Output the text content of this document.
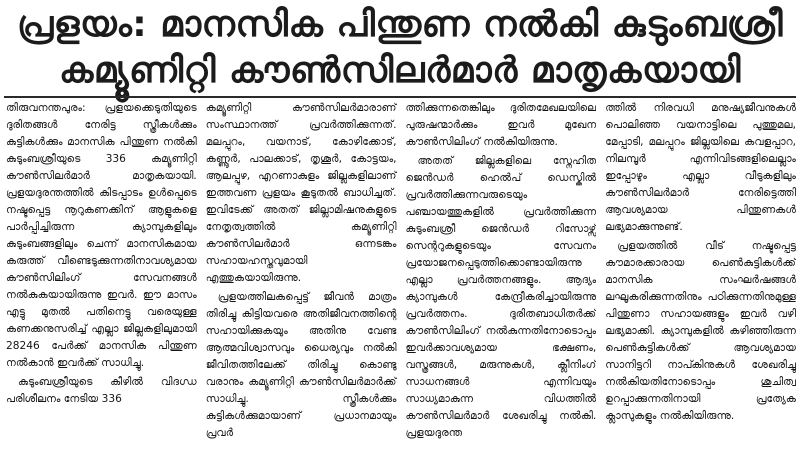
പ്രളയം: മാനസിക പിന്തുണ നൽകി കുടുംബശ്രീ
കമ്യൂണിറ്റി കൗൺസിലർമാർ മാതൃകയായി

തിരുവനന്തപുരം: പ്രളയക്കെടുതിയുടെ ദുരിതങ്ങൾ നേരിട്ട സ്ത്രീകൾക്കും കുട്ടികൾക്കും മാനസിക പിന്തുണ നൽകി കുടുംബശ്രീയുടെ 336 കമ്യൂണിറ്റി കൗൺസിലർമാർ മാതൃകയായി. പ്രളയദുരന്തത്തിൽ കിടപ്പാടം ഉൾപ്പെടെ നഷ്ടപ്പെട്ട നൂറുകണക്കിന് ആളുകളെ പാർപ്പിച്ചിരുന്ന ക്യാമ്പുകളിലും കുടുംബങ്ങളിലും ചെന്ന് മാനസികമായ കരുത്ത് വീണ്ടെടുക്കുന്നതിനാവശ്യമായ കൗൺസിലിംഗ് സേവനങ്ങൾ നൽകുകയായിരുന്നു ഇവർ. ഈ മാസം എട്ടു മുതൽ പതിനെട്ടു വരെയുള്ള കണക്കനുസരിച്ച് എല്ലാ ജില്ലകളിലുമായി 28246 പേർക്ക് മാനസിക പിന്തുണ നൽകാൻ ഇവർക്ക് സാധിച്ചു.

കുടുംബശ്രീയുടെ കീഴിൽ വിദഗ്ധ പരിശീലനം നേടിയ 336

കമ്യൂണിറ്റി കൗൺസിലർമാരാണ് സംസ്ഥാനത്ത് പ്രവർത്തിക്കുന്നത്. മലപ്പുറം, വയനാട്, കോഴിക്കോട്, കണ്ണൂർ, പാലക്കാട്, തൃശൂർ, കോട്ടയം, ആലപ്പുഴ, എറണാകുളം ജില്ലകളിലാണ് ഇത്തവണ പ്രളയം കൂടുതൽ ബാധിച്ചത്. ഇവിടേക്ക് അതത് ജില്ലാമിഷനുകളുടെ നേതൃത്വത്തിൽ കമ്യൂണിറ്റി കൗൺസിലർമാർ ഒന്നടങ്കം സഹായഹസ്തവുമായി എത്തുകയായിരുന്നു.

പ്രളയത്തിലകപ്പെട്ട് ജീവൻ മാത്രം തിരിച്ചു കിട്ടിയവരെ അതിജീവനത്തിന്റെ സഹായിക്കുകയും അതിനു വേണ്ട ആത്മവിശ്വാസവും ധൈര്യവും നൽകി ജീവിതത്തിലേക്ക് തിരിച്ചു കൊണ്ടു വരാനും കമ്യൂണിറ്റി കൗൺസിലർമാർക്ക് സാധിച്ചു. സ്ത്രീകൾക്കും കുട്ടികൾക്കുമായാണ് പ്രധാനമായും പ്രവർ

ത്തിക്കുന്നതെങ്കിലും ദുരിതമേഖലയിലെ പുരുഷന്മാർക്കും ഇവർ മുഖേന കൗൺസിലിംഗ് നൽകിയിരുന്നു.

അതത് ജില്ലകളിലെ സ്നേഹിത ജെൻഡർ ഹെൽപ് ഡെസ്കിൽ പ്രവർത്തിക്കുന്നവരുടെയും പഞ്ചായത്തുകളിൽ പ്രവർത്തിക്കുന്ന കുടുംബശ്രീ ജെൻഡർ റിസോഴ്സ് സെന്ററുകളുടെയും സേവനം പ്രയോജനപ്പെടുത്തിക്കൊണ്ടായിരുന്നു എല്ലാ പ്രവർത്തനങ്ങളും. ആദ്യം ക്യാമ്പുകൾ കേന്ദ്രീകരിച്ചായിരുന്നു പ്രവർത്തനം. ദുരിതബാധിതർക്ക് കൗൺസിലിംഗ് നൽകുന്നതിനോടൊപ്പം ഇവർക്കാവശ്യമായ ഭക്ഷണം, വസ്ത്രങ്ങൾ, മരുന്നുകൾ, ക്ലീനിംഗ് സാധനങ്ങൾ എന്നിവയും സാധ്യമാകുന്ന വിധത്തിൽ കൗൺസിലർമാർ ശേഖരിച്ചു നൽകി. പ്രളയദുരന്ത

ത്തിൽ നിരവധി മനുഷ്യജീവനുകൾ പൊലിഞ്ഞ വയനാട്ടിലെ പുത്തുമല, മേപ്പാടി, മലപ്പുറം ജില്ലയിലെ കവളപ്പാറ, നിലമ്പൂർ എന്നിവിടങ്ങളിലെല്ലാം ഇപ്പോഴും എല്ലാ വീടുകളിലും കൗൺസിലർമാർ നേരിട്ടെത്തി ആവശ്യമായ പിന്തുണകൾ ലഭ്യമാക്കുന്നുണ്ട്.

പ്രളയത്തിൽ വീട് നഷ്ടപ്പെട്ട കൗമാരക്കാരായ പെൺകുട്ടികൾക്ക് മാനസിക സംഘർഷങ്ങൾ ലഘൂകരിക്കുന്നതിനും പഠിക്കുന്നതിനുമുള്ള പിന്തുണാ സഹായങ്ങളും ഇവർ വഴി ലഭ്യമാക്കി. ക്യാമ്പുകളിൽ കഴിഞ്ഞിരുന്ന പെൺകുട്ടികൾക്ക് ആവശ്യമായ സാനിട്ടറി നാപ്കിനുകൾ ശേഖരിച്ചു നൽകിയതിനോടൊപ്പം ശുചിത്വ ഉറപ്പാക്കുന്നതിനായി പ്രത്യേക ക്ലാസുകളും നൽകിയിരുന്നു.
